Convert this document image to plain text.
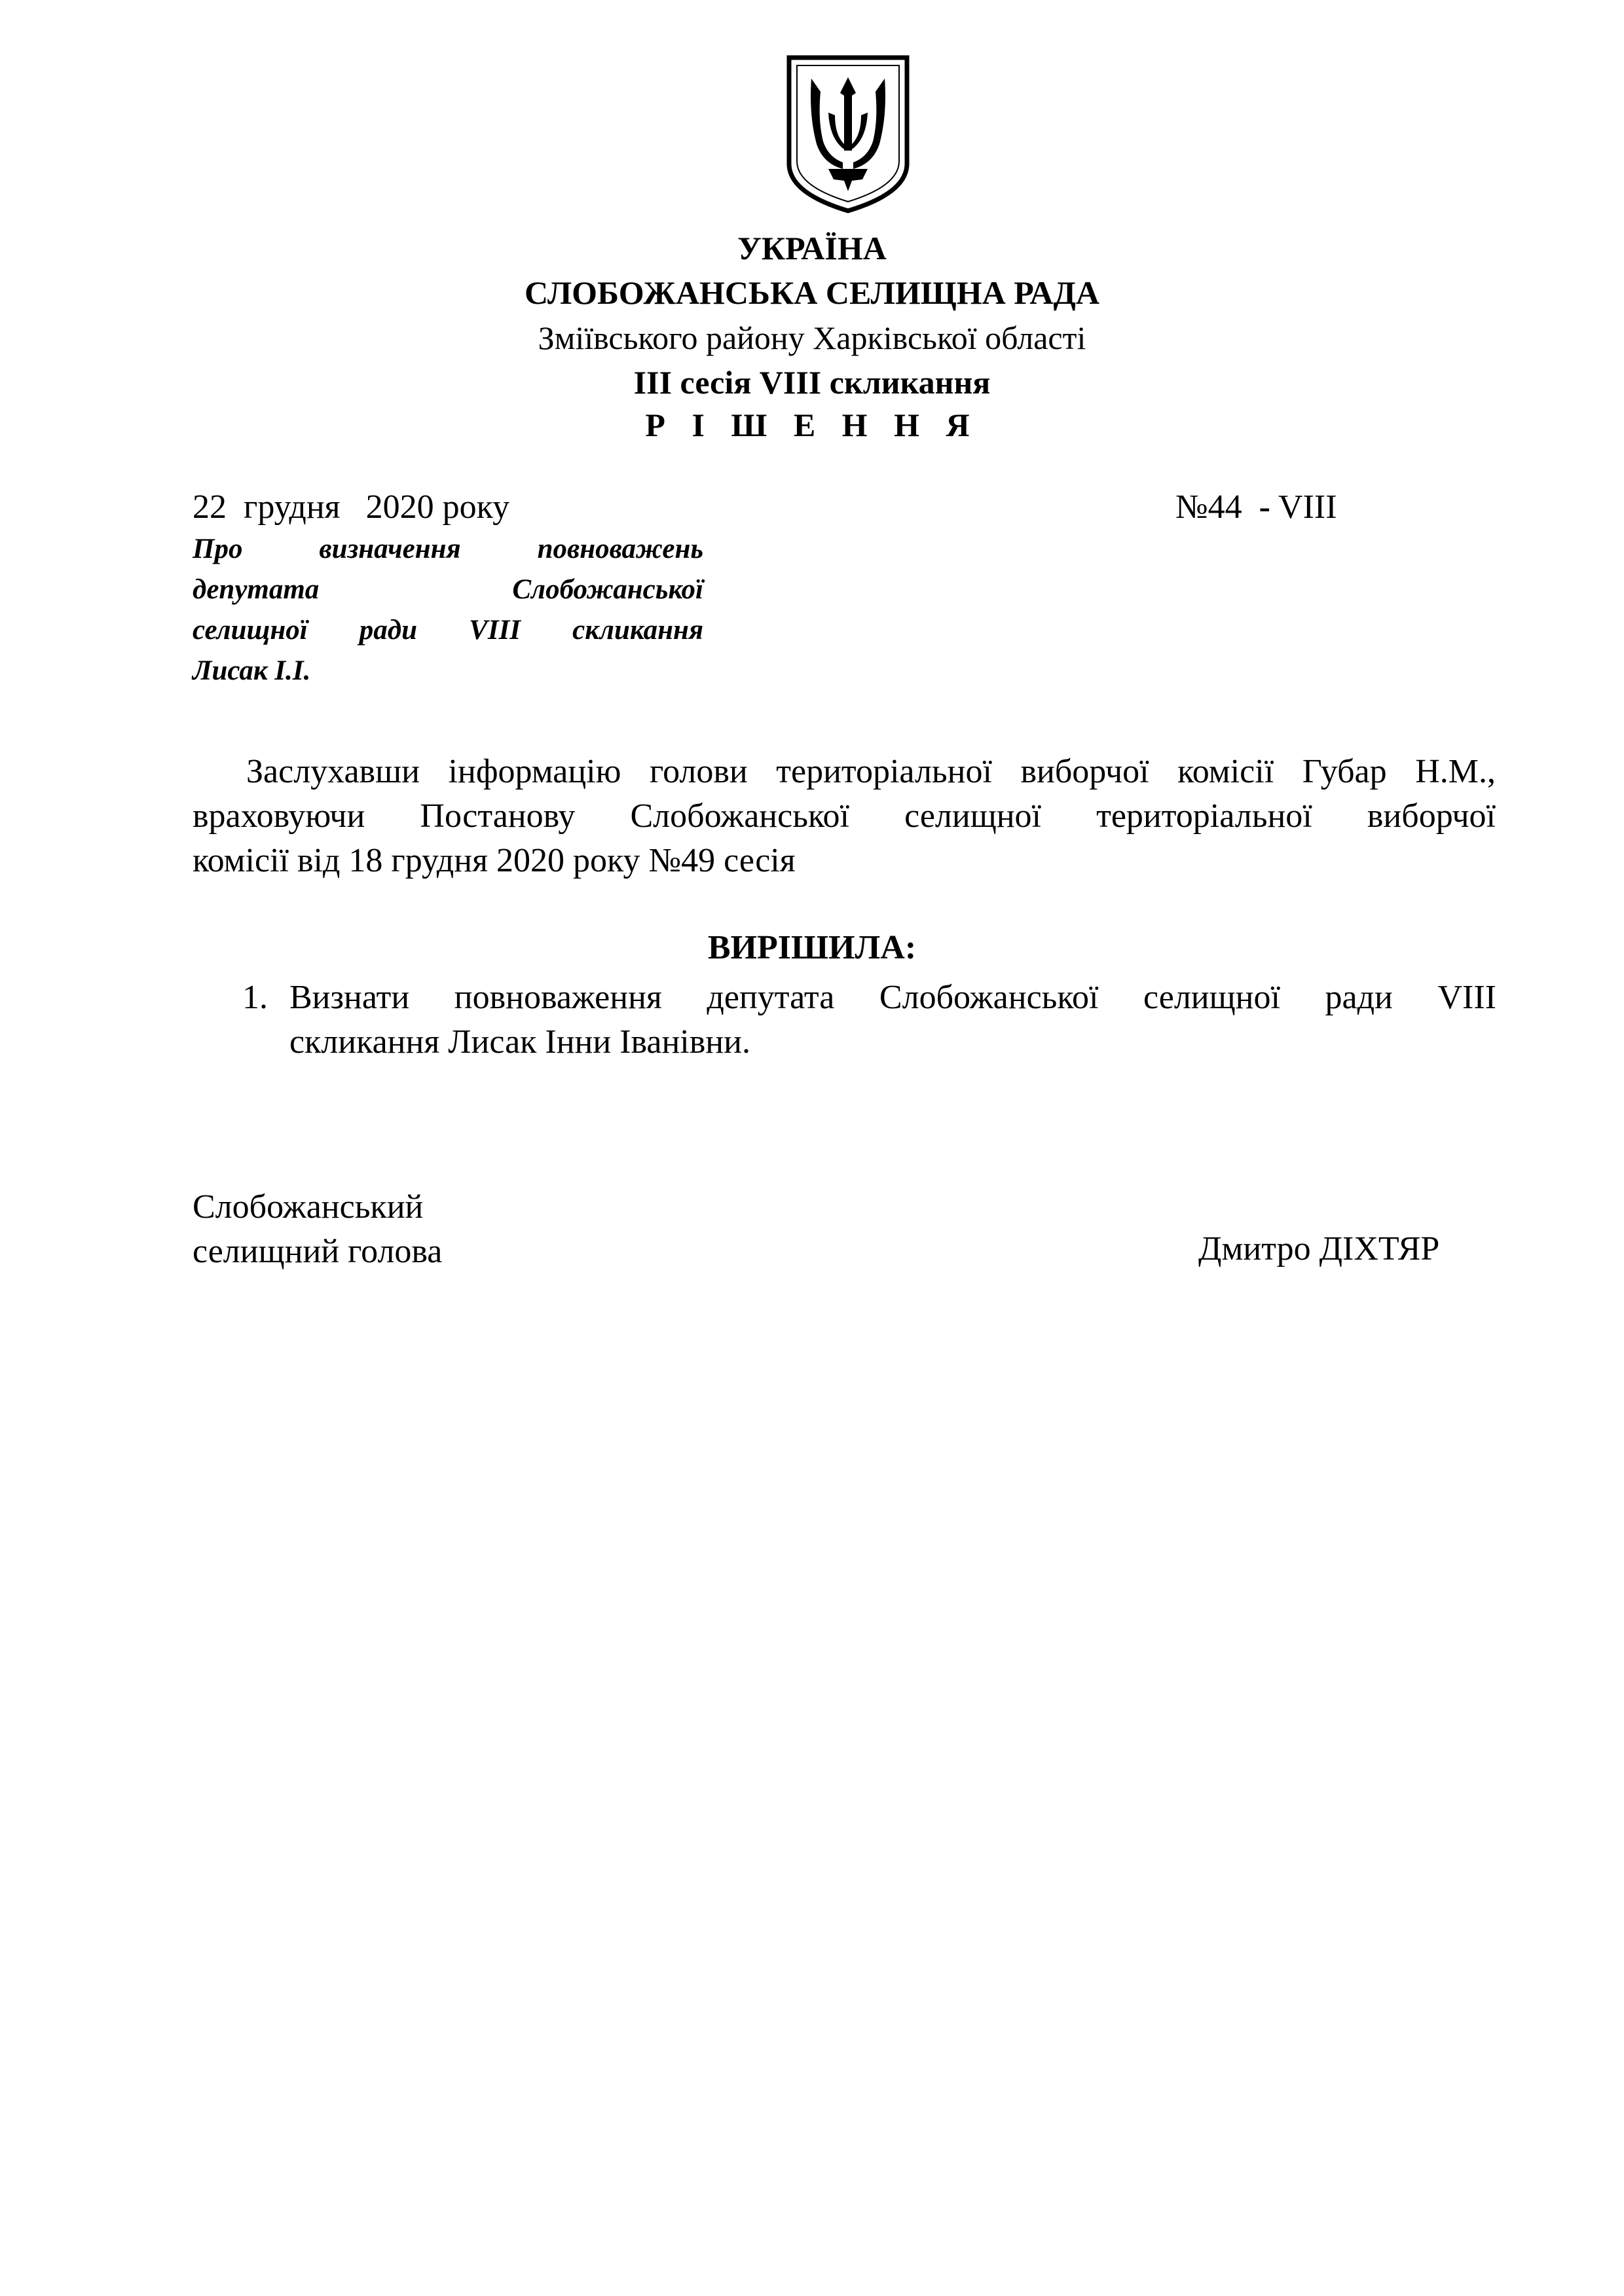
УКРАЇНА
СЛОБОЖАНСЬКА СЕЛИЩНА РАДА
Зміївського району Харківської області
ІІІ сесія VIII скликання
Р І Ш Е Н Н Я
22  грудня   2020 року	№44 - VIII
Про визначення повноважень
депутата Слобожанської
селищної ради VIII скликання
Лисак І.І.
Заслухавши інформацію голови територіальної виборчої комісії Губар Н.М.,
враховуючи Постанову Слобожанської селищної територіальної виборчої
комісії від 18 грудня 2020 року №49 сесія
ВИРІШИЛА:
1. Визнати повноваження депутата Слобожанської селищної ради VIII
скликання Лисак Інни Іванівни.
Слобожанський
селищний голова	Дмитро ДІХТЯР
